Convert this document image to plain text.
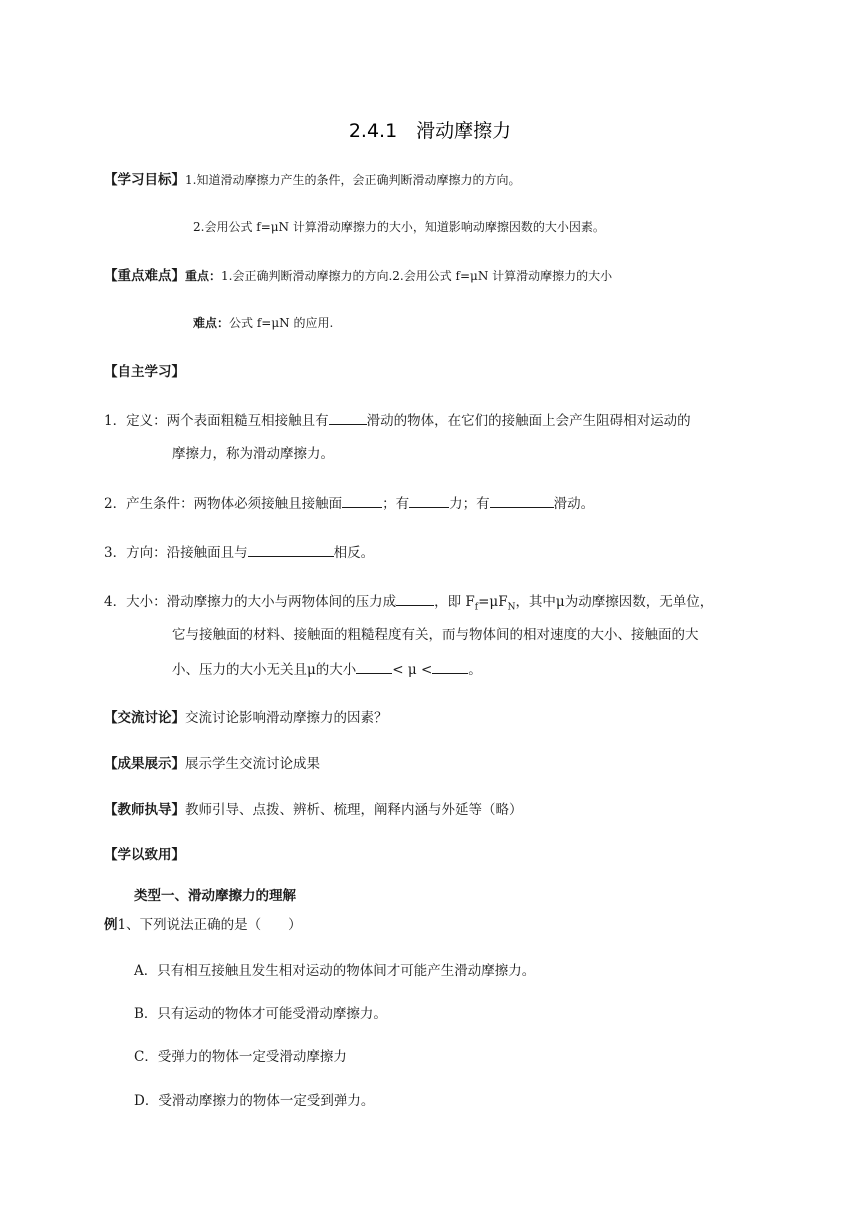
2.4.1　滑动摩擦力
【学习目标】1.知道滑动摩擦力产生的条件，会正确判断滑动摩擦力的方向。
2.会用公式 f=μN 计算滑动摩擦力的大小，知道影响动摩擦因数的大小因素。
【重点难点】重点：1.会正确判断滑动摩擦力的方向.2.会用公式 f=μN 计算滑动摩擦力的大小
难点：公式 f=μN 的应用.
【自主学习】
1．定义：两个表面粗糙互相接触且有	滑动的物体，在它们的接触面上会产生阻碍相对运动的
摩擦力，称为滑动摩擦力。
2．产生条件：两物体必须接触且接触面	；有	力；有	滑动。
3．方向：沿接触面且与	相反。
4．大小：滑动摩擦力的大小与两物体间的压力成	，即 $F_f=\mu F_N$，其中μ为动摩擦因数，无单位，
它与接触面的材料、接触面的粗糙程度有关，而与物体间的相对速度的大小、接触面的大
小、压力的大小无关且μ的大小	< μ <	。
【交流讨论】交流讨论影响滑动摩擦力的因素？
【成果展示】展示学生交流讨论成果
【教师执导】教师引导、点拨、辨析、梳理，阐释内涵与外延等（略）
【学以致用】
类型一、滑动摩擦力的理解
例1、下列说法正确的是（　　）
A．只有相互接触且发生相对运动的物体间才可能产生滑动摩擦力。
B．只有运动的物体才可能受滑动摩擦力。
C．受弹力的物体一定受滑动摩擦力
D．受滑动摩擦力的物体一定受到弹力。
